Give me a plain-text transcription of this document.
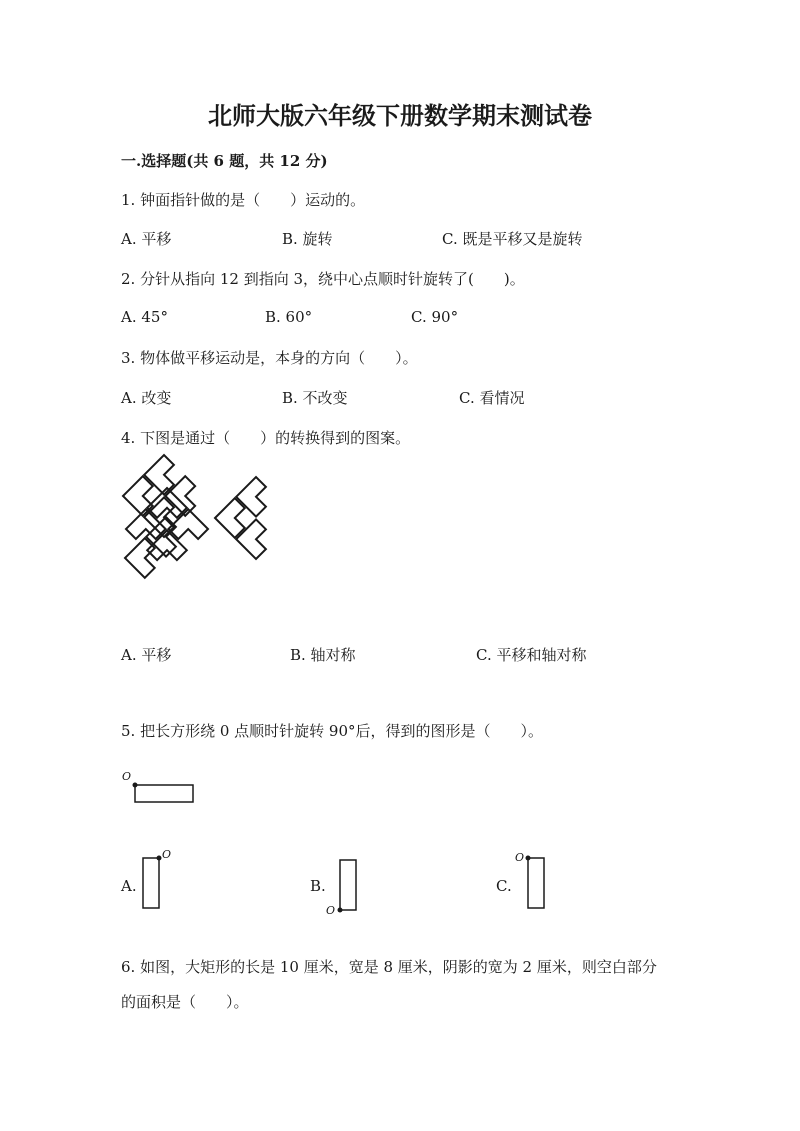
北师大版六年级下册数学期末测试卷
一.选择题(共 6 题，共 12 分)
1. 钟面指针做的是（　　）运动的。
A. 平移	B. 旋转	C. 既是平移又是旋转
2. 分针从指向 12 到指向 3，绕中心点顺时针旋转了(　　)。
A. 45°	B. 60°	C. 90°
3. 物体做平移运动是，本身的方向（　　）。
A. 改变	B. 不改变	C. 看情况
4. 下图是通过（　　）的转换得到的图案。
A. 平移	B. 轴对称	C. 平移和轴对称
5. 把长方形绕 0 点顺时针旋转 90°后，得到的图形是（　　）。
O
A.
O
B.
O
C.
O
6. 如图，大矩形的长是 10 厘米，宽是 8 厘米，阴影的宽为 2 厘米，则空白部分
的面积是（　　）。
